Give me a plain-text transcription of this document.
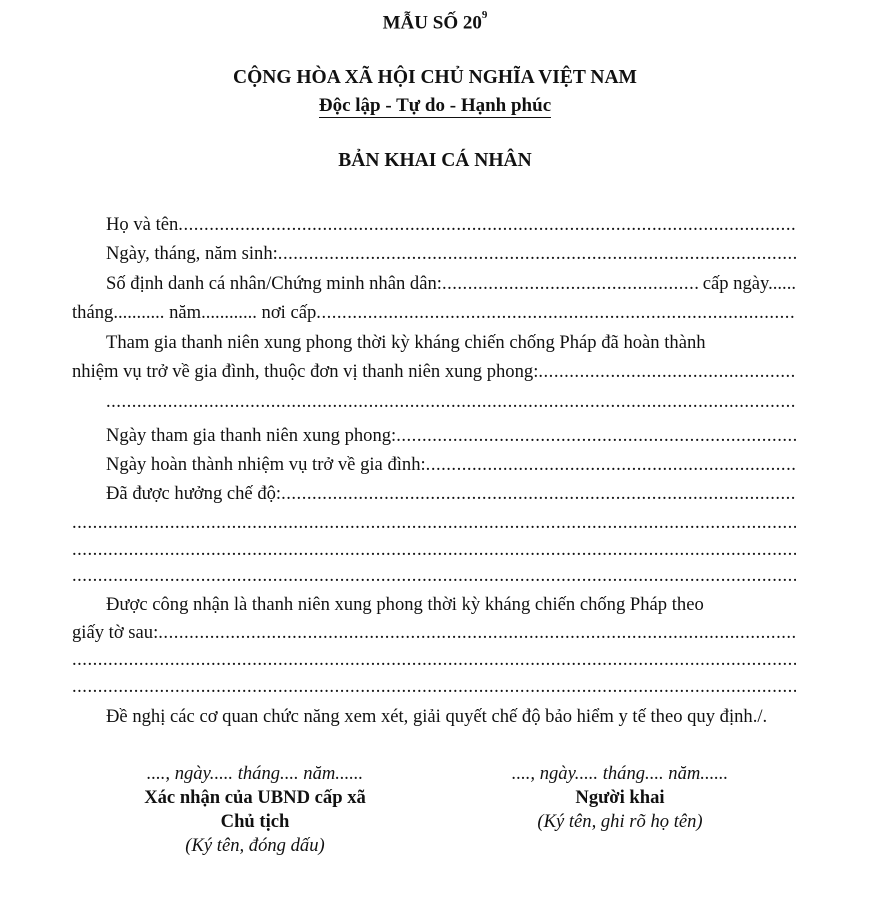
MẪU SỐ $20^9$
CỘNG HÒA XÃ HỘI CHỦ NGHĨA VIỆT NAM
Độc lập - Tự do - Hạnh phúc
BẢN KHAI CÁ NHÂN
Họ và tên
.....
Ngày, tháng, năm sinh:
.....
Số định danh cá nhân/Chứng minh nhân dân:
.....	cấp ngày......
tháng........... năm............ nơi cấp
.....
Tham gia thanh niên xung phong thời kỳ kháng chiến chống Pháp đã hoàn thành
nhiệm vụ trở về gia đình, thuộc đơn vị thanh niên xung phong:
.....
.....
Ngày tham gia thanh niên xung phong:
.....
Ngày hoàn thành nhiệm vụ trở về gia đình:
.....
Đã được hưởng chế độ:
.....
.....
.....
.....
Được công nhận là thanh niên xung phong thời kỳ kháng chiến chống Pháp theo
giấy tờ sau:
.....
.....
.....
Đề nghị các cơ quan chức năng xem xét, giải quyết chế độ bảo hiểm y tế theo quy định./.
...., ngày..... tháng.... năm......
Xác nhận của UBND cấp xã
Chủ tịch
(Ký tên, đóng dấu)
...., ngày..... tháng.... năm......
Người khai
(Ký tên, ghi rõ họ tên)
